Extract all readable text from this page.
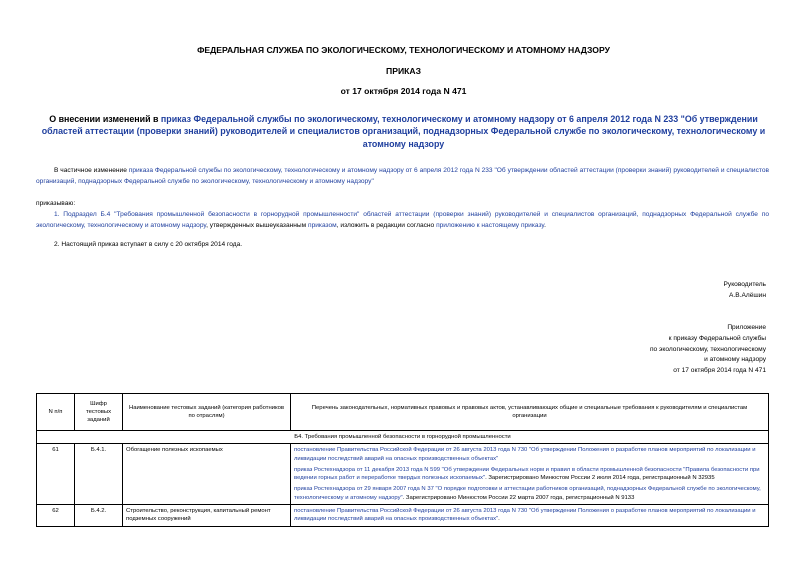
ФЕДЕРАЛЬНАЯ СЛУЖБА ПО ЭКОЛОГИЧЕСКОМУ, ТЕХНОЛОГИЧЕСКОМУ И АТОМНОМУ НАДЗОРУ
ПРИКАЗ
от 17 октября 2014 года N 471
О внесении изменений в приказ Федеральной службы по экологическому, технологическому и атомному надзору от 6 апреля 2012 года N 233 "Об утверждении областей аттестации (проверки знаний) руководителей и специалистов организаций, поднадзорных Федеральной службе по экологическому, технологическому и атомному надзору
В частичное изменение приказа Федеральной службы по экологическому, технологическому и атомному надзору от 6 апреля 2012 года N 233 "Об утверждении областей аттестации (проверки знаний) руководителей и специалистов организаций, поднадзорных Федеральной службе по экологическому, технологическому и атомному надзору"
приказываю:
1. Подраздел Б.4 "Требования промышленной безопасности в горнорудной промышленности" областей аттестации (проверки знаний) руководителей и специалистов организаций, поднадзорных Федеральной службе по экологическому, технологическому и атомному надзору, утвержденных вышеуказанным приказом, изложить в редакции согласно приложению к настоящему приказу.
2. Настоящий приказ вступает в силу с 20 октября 2014 года.
Руководитель
А.В.Алёшин
Приложение
к приказу Федеральной службы
по экологическому, технологическому
и атомному надзору
от 17 октября 2014 года N 471
N п/п	Шифр тестовых заданий	Наименование тестовых заданий (категория работников по отраслям)	Перечень законодательных, нормативных правовых и правовых актов, устанавливающих общие и специальные требования к руководителям и специалистам организации
Б4. Требования промышленной безопасности в горнорудной промышленности			
61	Б.4.1.	Обогащение полезных ископаемых	постановление Правительства Российской Федерации от 26 августа 2013 года N 730 "Об утверждении Положения о разработке планов мероприятий по локализации и ликвидации последствий аварий на опасных производственных объектах"
приказ Ростехнадзора от 11 декабря 2013 года N 599 "Об утверждении Федеральных норм и правил в области промышленной безопасности "Правила безопасности при ведении горных работ и переработке твердых полезных ископаемых". Зарегистрировано Минюстом России 2 июля 2014 года, регистрационный N 32935
приказ Ростехнадзора от 29 января 2007 года N 37 "О порядке подготовки и аттестации работников организаций, поднадзорных Федеральной службе по экологическому, технологическому и атомному надзору". Зарегистрировано Минюстом России 22 марта 2007 года, регистрационный N 9133

62	Б.4.2.	Строительство, реконструкция, капитальный ремонт подземных сооружений	постановление Правительства Российской Федерации от 26 августа 2013 года N 730 "Об утверждении Положения о разработке планов мероприятий по локализации и ликвидации последствий аварий на опасных производственных объектах".
